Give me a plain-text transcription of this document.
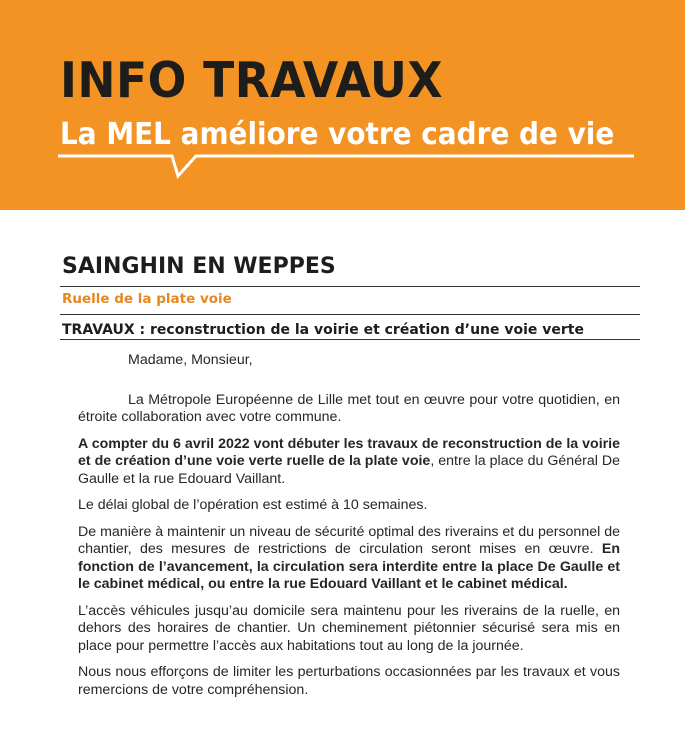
INFO TRAVAUX
La MEL améliore votre cadre de vie
SAINGHIN EN WEPPES
Ruelle de la plate voie
TRAVAUX : reconstruction de la voirie et création d’une voie verte

Madame, Monsieur,

La Métropole Européenne de Lille met tout en œuvre pour votre quotidien, en étroite collaboration avec votre commune.

A compter du 6 avril 2022 vont débuter les travaux de reconstruction de la voirie et de création d’une voie verte ruelle de la plate voie, entre la place du Général De Gaulle et la rue Edouard Vaillant.

Le délai global de l’opération est estimé à 10 semaines.

De manière à maintenir un niveau de sécurité optimal des riverains et du personnel de chantier, des mesures de restrictions de circulation seront mises en œuvre. En fonction de l’avancement, la circulation sera interdite entre la place De Gaulle et le cabinet médical, ou entre la rue Edouard Vaillant et le cabinet médical.

L’accès véhicules jusqu’au domicile sera maintenu pour les riverains de la ruelle, en dehors des horaires de chantier. Un cheminement piétonnier sécurisé sera mis en place pour permettre l’accès aux habitations tout au long de la journée.

Nous nous efforçons de limiter les perturbations occasionnées par les travaux et vous remercions de votre compréhension.
